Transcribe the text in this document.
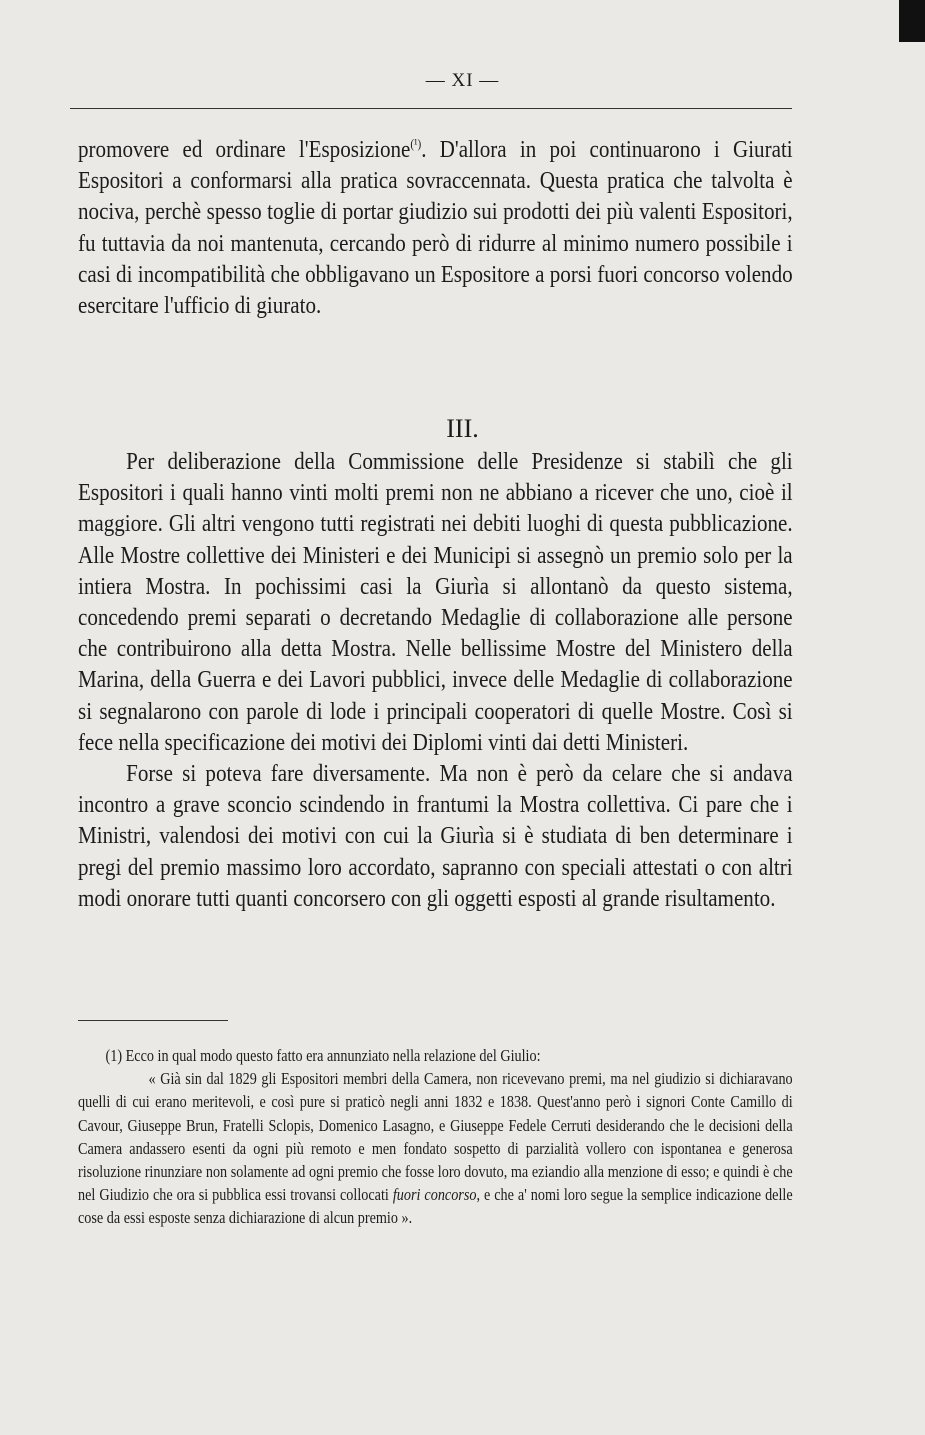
— XI —

promovere ed ordinare l'Esposizione$^{(^1)}$. D'allora in poi continuarono i Giurati Espositori a conformarsi alla pratica sovraccennata. Questa pratica che talvolta è nociva, perchè spesso toglie di portar giudizio sui prodotti dei più valenti Espositori, fu tuttavia da noi mantenuta, cercando però di ridurre al minimo numero possibile i casi di incompatibilità che obbligavano un Espositore a porsi fuori concorso volendo esercitare l'ufficio di giurato.

III.

Per deliberazione della Commissione delle Presidenze si stabilì che gli Espositori i quali hanno vinti molti premi non ne abbiano a ricever che uno, cioè il maggiore. Gli altri vengono tutti registrati nei debiti luoghi di questa pubblicazione. Alle Mostre collettive dei Ministeri e dei Municipi si assegnò un premio solo per la intiera Mostra. In pochissimi casi la Giurìa si allontanò da questo sistema, concedendo premi separati o decretando Medaglie di collaborazione alle persone che contribuirono alla detta Mostra. Nelle bellissime Mostre del Ministero della Marina, della Guerra e dei Lavori pubblici, invece delle Medaglie di collaborazione si segnalarono con parole di lode i principali cooperatori di quelle Mostre. Così si fece nella specificazione dei motivi dei Diplomi vinti dai detti Ministeri.

Forse si poteva fare diversamente. Ma non è però da celare che si andava incontro a grave sconcio scindendo in frantumi la Mostra collettiva. Ci pare che i Ministri, valendosi dei motivi con cui la Giurìa si è studiata di ben determinare i pregi del premio massimo loro accordato, sapranno con speciali attestati o con altri modi onorare tutti quanti concorsero con gli oggetti esposti al grande risultamento.

(1) Ecco in qual modo questo fatto era annunziato nella relazione del Giulio:

« Già sin dal 1829 gli Espositori membri della Camera, non ricevevano premi, ma nel giudizio si dichiaravano quelli di cui erano meritevoli, e così pure si praticò negli anni 1832 e 1838. Quest'anno però i signori Conte Camillo di Cavour, Giuseppe Brun, Fratelli Sclopis, Domenico Lasagno, e Giuseppe Fedele Cerruti desiderando che le decisioni della Camera andassero esenti da ogni più remoto e men fondato sospetto di parzialità vollero con ispontanea e generosa risoluzione rinunziare non solamente ad ogni premio che fosse loro dovuto, ma eziandio alla menzione di esso; e quindi è che nel Giudizio che ora si pubblica essi trovansi collocati fuori concorso, e che a' nomi loro segue la semplice indicazione delle cose da essi esposte senza dichiarazione di alcun premio ».
